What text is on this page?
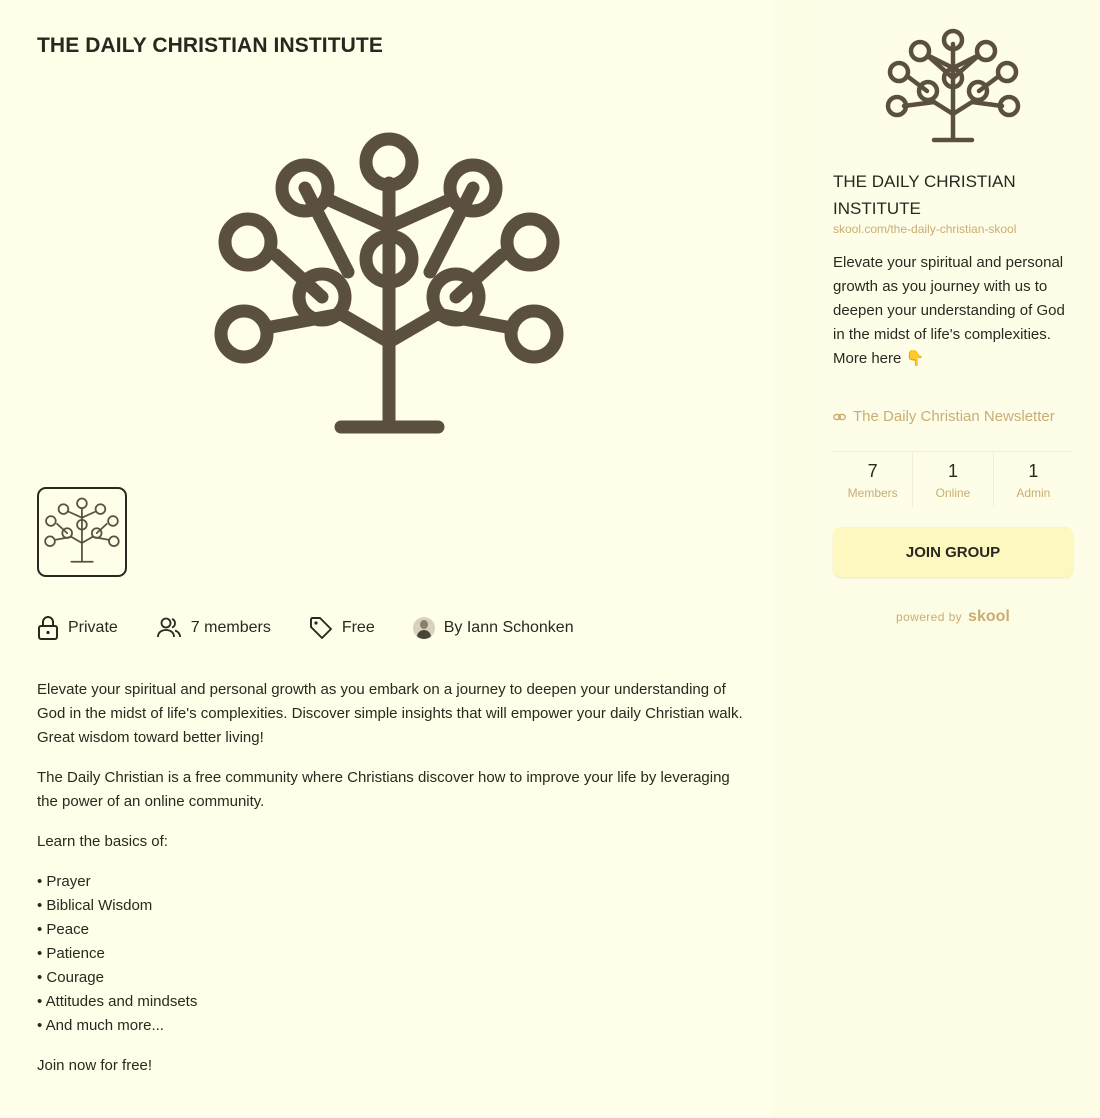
THE DAILY CHRISTIAN INSTITUTE
Private	7 members	Free	By Iann Schonken

Elevate your spiritual and personal growth as you embark on a journey to deepen your understanding of God in the midst of life's complexities. Discover simple insights that will empower your daily Christian walk. Great wisdom toward better living!

The Daily Christian is a free community where Christians discover how to improve your life by leveraging the power of an online community.

Learn the basics of:

• Prayer
• Biblical Wisdom
• Peace
• Patience
• Courage
• Attitudes and mindsets
• And much more...

Join now for free!

THE DAILY CHRISTIAN INSTITUTE
skool.com/the-daily-christian-skool
Elevate your spiritual and personal growth as you journey with us to deepen your understanding of God in the midst of life's complexities. More here 👇
The Daily Christian Newsletter
7
Members
1
Online
1
Admin
JOIN GROUP
powered by skool
